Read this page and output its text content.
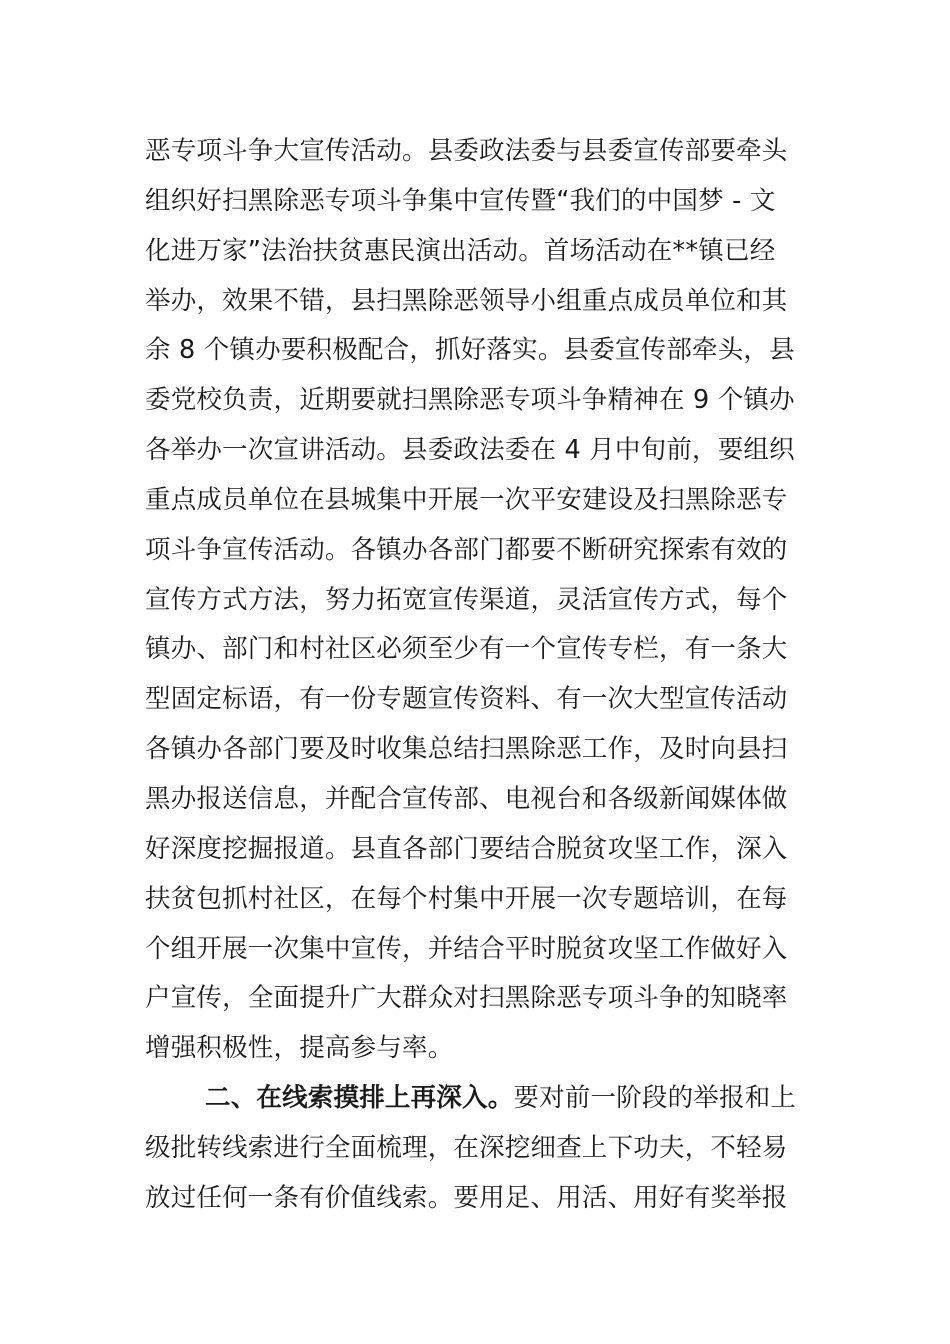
恶专项斗争大宣传活动。县委政法委与县委宣传部要牵头
组织好扫黑除恶专项斗争集中宣传暨“我们的中国梦 - 文
化进万家”法治扶贫惠民演出活动。首场活动在**镇已经
举办，效果不错，县扫黑除恶领导小组重点成员单位和其
余 8 个镇办要积极配合，抓好落实。县委宣传部牵头，县
委党校负责，近期要就扫黑除恶专项斗争精神在 9 个镇办
各举办一次宣讲活动。县委政法委在 4 月中旬前，要组织
重点成员单位在县城集中开展一次平安建设及扫黑除恶专
项斗争宣传活动。各镇办各部门都要不断研究探索有效的
宣传方式方法，努力拓宽宣传渠道，灵活宣传方式，每个
镇办、部门和村社区必须至少有一个宣传专栏，有一条大
型固定标语，有一份专题宣传资料、有一次大型宣传活动
各镇办各部门要及时收集总结扫黑除恶工作，及时向县扫
黑办报送信息，并配合宣传部、电视台和各级新闻媒体做
好深度挖掘报道。县直各部门要结合脱贫攻坚工作，深入
扶贫包抓村社区，在每个村集中开展一次专题培训，在每
个组开展一次集中宣传，并结合平时脱贫攻坚工作做好入
户宣传，全面提升广大群众对扫黑除恶专项斗争的知晓率
增强积极性，提高参与率。
二、在线索摸排上再深入。要对前一阶段的举报和上
级批转线索进行全面梳理，在深挖细查上下功夫，不轻易
放过任何一条有价值线索。要用足、用活、用好有奖举报
